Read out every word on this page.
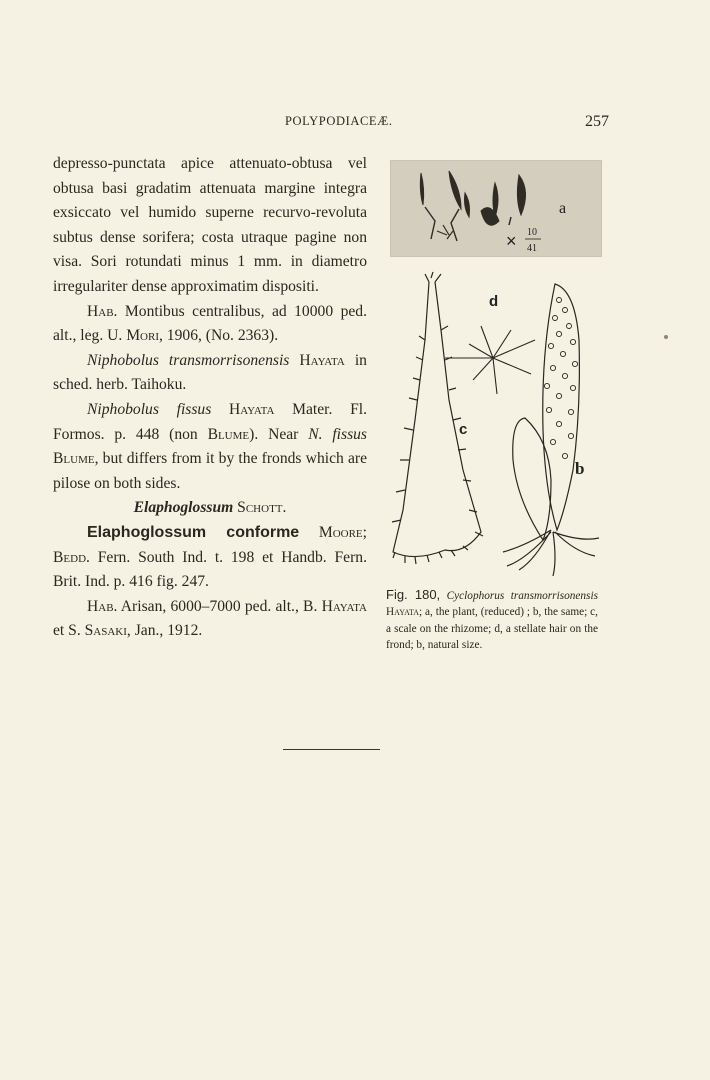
POLYPODIACEÆ.	257

depresso-punctata apice attenuato-obtusa vel obtusa basi gradatim attenuata margine integra exsiccato vel humido superne recurvo-revoluta subtus dense sorifera; costa utraque pagine non visa. Sori rotundati minus 1 mm. in diametro irregulariter dense approximatim dispositi.

Hab. Montibus centralibus, ad 10000 ped. alt., leg. U. Mori, 1906, (No. 2363).

Niphobolus transmorrisonensis Hayata in sched. herb. Taihoku.

Niphobolus fissus Hayata Mater. Fl. Formos. p. 448 (non Blume). Near N. fissus Blume, but differs from it by the fronds which are pilose on both sides.

Elaphoglossum Schott.

Elaphoglossum conforme Moore; Bedd. Fern. South Ind. t. 198 et Handb. Fern. Brit. Ind. p. 416 fig. 247.

Hab. Arisan, 6000–7000 ped. alt., B. Hayata et S. Sasaki, Jan., 1912.

a
× 10
41
d
c
b
Fig. 180, Cyclophorus transmorrisonensis Hayata; a, the plant, (reduced) ; b, the same; c, a scale on the rhizome; d, a stellate hair on the frond; b, natural size.
